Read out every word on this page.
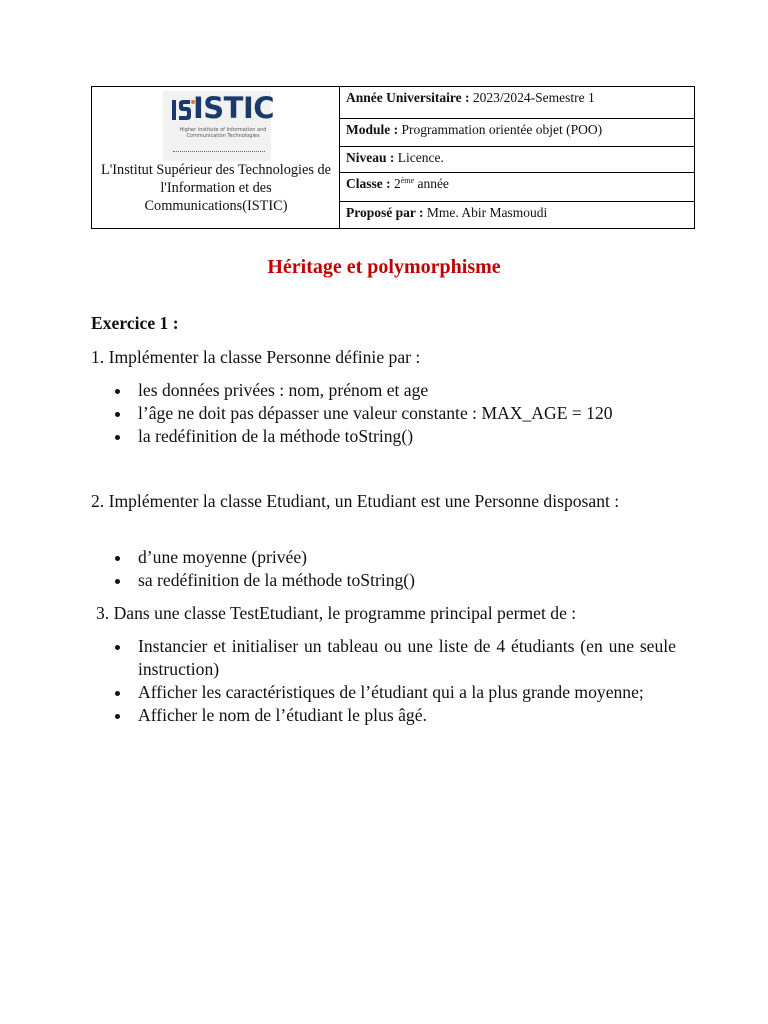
ISTIC
Higher Institute of Information and Communication Technologies
L'Institut Supérieur des Technologies de l'Information et des Communications(ISTIC)
Année Universitaire : 2023/2024-Semestre 1
Module : Programmation orientée objet (POO)
Niveau : Licence.
Classe : 2ème année
Proposé par : Mme. Abir Masmoudi
Héritage et polymorphisme
Exercice 1 :
1. Implémenter la classe Personne définie par :
les données privées : nom, prénom et age
l’âge ne doit pas dépasser une valeur constante : MAX_AGE = 120
la redéfinition de la méthode toString()
2. Implémenter la classe Etudiant, un Etudiant est une Personne disposant :
d’une moyenne (privée)
sa redéfinition de la méthode toString()
3. Dans une classe TestEtudiant, le programme principal permet de :
Instancier et initialiser un tableau ou une liste de 4 étudiants (en une seule instruction)
Afficher les caractéristiques de l’étudiant qui a la plus grande moyenne;
Afficher le nom de l’étudiant le plus âgé.
